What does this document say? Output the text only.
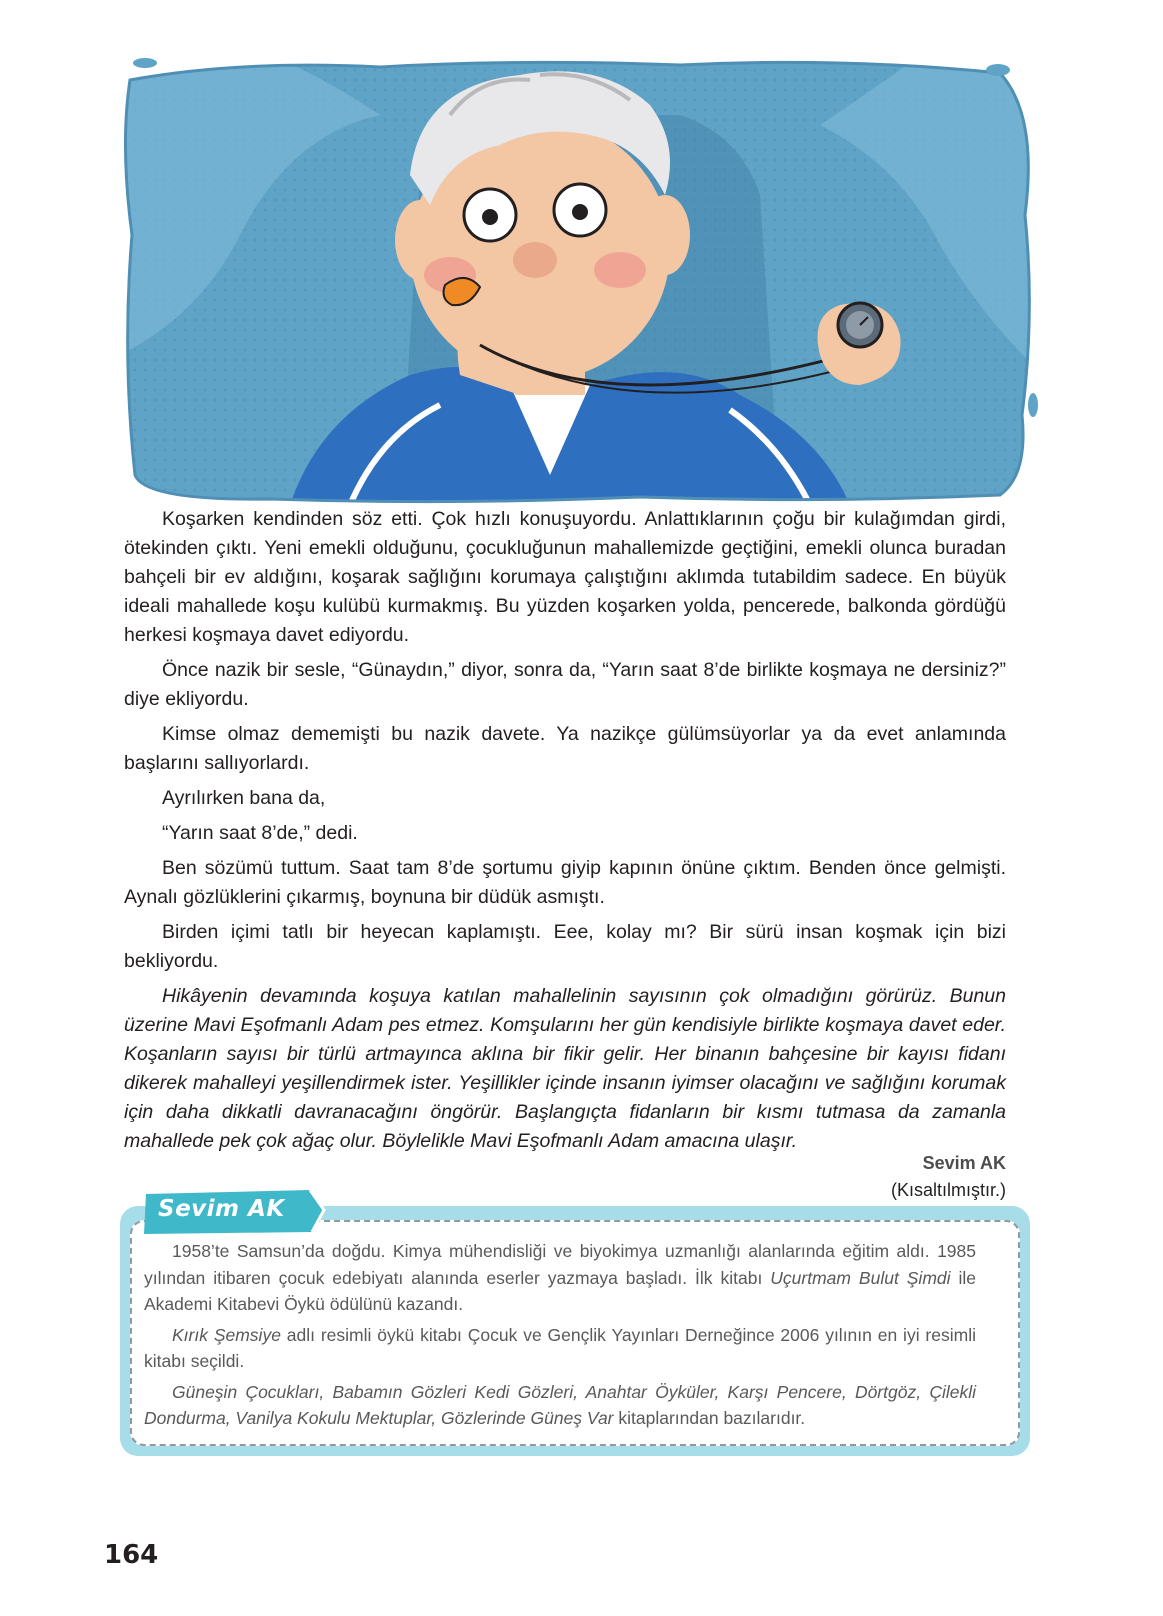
Koşarken kendinden söz etti. Çok hızlı konuşuyordu. Anlattıklarının çoğu bir kulağımdan girdi, ötekinden çıktı. Yeni emekli olduğunu, çocukluğunun mahallemizde geçtiğini, emekli olunca buradan bahçeli bir ev aldığını, koşarak sağlığını korumaya çalıştığını aklımda tutabildim sadece. En büyük ideali mahallede koşu kulübü kurmakmış. Bu yüzden koşarken yolda, pencerede, balkonda gördüğü herkesi koşmaya davet ediyordu.

Önce nazik bir sesle, “Günaydın,” diyor, sonra da, “Yarın saat 8’de birlikte koşmaya ne dersiniz?” diye ekliyordu.

Kimse olmaz dememişti bu nazik davete. Ya nazikçe gülümsüyorlar ya da evet anlamında başlarını sallıyorlardı.

Ayrılırken bana da,

“Yarın saat 8’de,” dedi.

Ben sözümü tuttum. Saat tam 8’de şortumu giyip kapının önüne çıktım. Benden önce gelmişti. Aynalı gözlüklerini çıkarmış, boynuna bir düdük asmıştı.

Birden içimi tatlı bir heyecan kaplamıştı. Eee, kolay mı? Bir sürü insan koşmak için bizi bekliyordu.

Hikâyenin devamında koşuya katılan mahallelinin sayısının çok olmadığını görürüz. Bunun üzerine Mavi Eşofmanlı Adam pes etmez. Komşularını her gün kendisiyle birlikte koşmaya davet eder. Koşanların sayısı bir türlü artmayınca aklına bir fikir gelir. Her binanın bahçesine bir kayısı fidanı dikerek mahalleyi yeşillendirmek ister. Yeşillikler içinde insanın iyimser olacağını ve sağlığını korumak için daha dikkatli davranacağını öngörür. Başlangıçta fidanların bir kısmı tutmasa da zamanla mahallede pek çok ağaç olur. Böylelikle Mavi Eşofmanlı Adam amacına ulaşır.

Sevim AK
(Kısaltılmıştır.)
Sevim AK

1958’te Samsun’da doğdu. Kimya mühendisliği ve biyokimya uzmanlığı alanlarında eğitim aldı. 1985 yılından itibaren çocuk edebiyatı alanında eserler yazmaya başladı. İlk kitabı Uçurtmam Bulut Şimdi ile Akademi Kitabevi Öykü ödülünü kazandı.

Kırık Şemsiye adlı resimli öykü kitabı Çocuk ve Gençlik Yayınları Derneğince 2006 yılının en iyi resimli kitabı seçildi.

Güneşin Çocukları, Babamın Gözleri Kedi Gözleri, Anahtar Öyküler, Karşı Pencere, Dörtgöz, Çilekli Dondurma, Vanilya Kokulu Mektuplar, Gözlerinde Güneş Var kitaplarından bazılarıdır.

164
